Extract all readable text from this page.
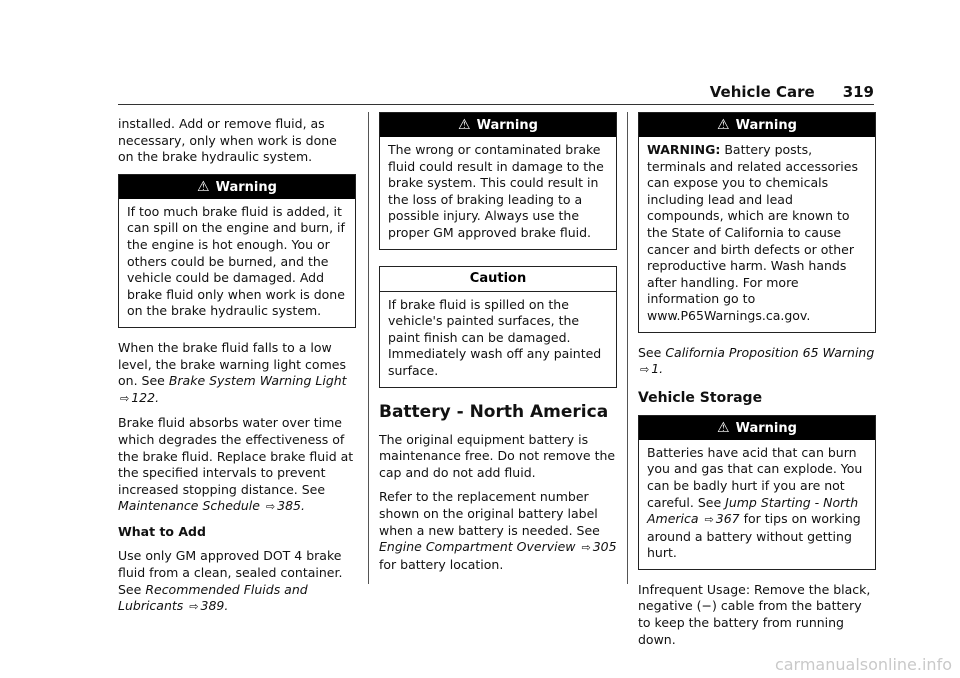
Vehicle Care 319

installed. Add or remove fluid, as necessary, only when work is done on the brake hydraulic system.

⚠ Warning
If too much brake fluid is added, it can spill on the engine and burn, if the engine is hot enough. You or others could be burned, and the vehicle could be damaged. Add brake fluid only when work is done on the brake hydraulic system.

When the brake fluid falls to a low level, the brake warning light comes on. See Brake System Warning Light ⇨ 122.

Brake fluid absorbs water over time which degrades the effectiveness of the brake fluid. Replace brake fluid at the specified intervals to prevent increased stopping distance. See Maintenance Schedule ⇨ 385.

What to Add

Use only GM approved DOT 4 brake fluid from a clean, sealed container. See Recommended Fluids and Lubricants ⇨ 389.

⚠ Warning
The wrong or contaminated brake fluid could result in damage to the brake system. This could result in the loss of braking leading to a possible injury. Always use the proper GM approved brake fluid.
Caution
If brake fluid is spilled on the vehicle's painted surfaces, the paint finish can be damaged. Immediately wash off any painted surface.
Battery - North America

The original equipment battery is maintenance free. Do not remove the cap and do not add fluid.

Refer to the replacement number shown on the original battery label when a new battery is needed. See Engine Compartment Overview ⇨ 305 for battery location.

⚠ Warning
WARNING: Battery posts, terminals and related accessories can expose you to chemicals including lead and lead compounds, which are known to the State of California to cause cancer and birth defects or other reproductive harm. Wash hands after handling. For more information go to www.P65Warnings.ca.gov.

See California Proposition 65 Warning ⇨ 1.

Vehicle Storage
⚠ Warning
Batteries have acid that can burn you and gas that can explode. You can be badly hurt if you are not careful. See Jump Starting - North America ⇨ 367 for tips on working around a battery without getting hurt.

Infrequent Usage: Remove the black, negative (−) cable from the battery to keep the battery from running down.

carmanualsonline.info
